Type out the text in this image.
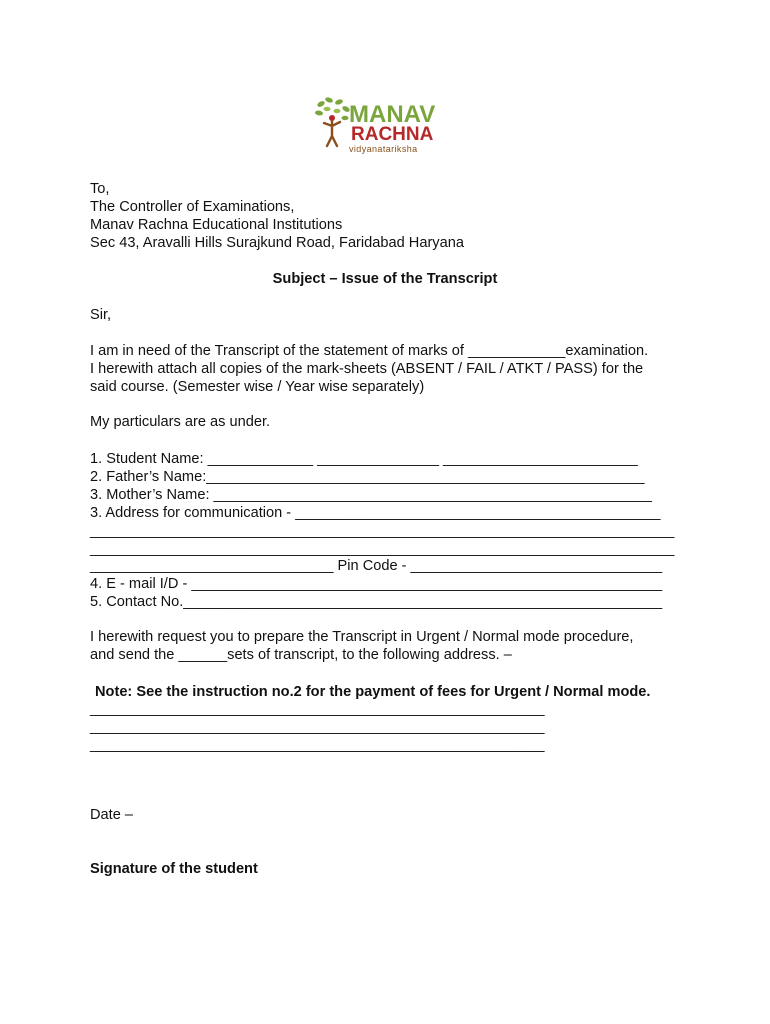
MANAV
RACHNA
vidyanatariksha
To,
The Controller of Examinations,
Manav Rachna Educational Institutions
Sec 43, Aravalli Hills Surajkund Road, Faridabad Haryana
Subject – Issue of the Transcript
Sir,
I am in need of the Transcript of the statement of marks of ____________examination.
I herewith attach all copies of the mark-sheets (ABSENT / FAIL / ATKT / PASS) for the
said course. (Semester wise / Year wise separately)
My particulars are as under.
1. Student Name: _____________ _______________ ________________________
2. Father’s Name:______________________________________________________
3. Mother’s Name: ______________________________________________________
3. Address for communication - _____________________________________________
________________________________________________________________________
________________________________________________________________________
______________________________ Pin Code - _______________________________
4. E - mail I/D - __________________________________________________________
5. Contact No.___________________________________________________________
I herewith request you to prepare the Transcript in Urgent / Normal mode procedure,
and send the ______sets of transcript, to the following address. –
Note: See the instruction no.2 for the payment of fees for Urgent / Normal mode.
________________________________________________________
________________________________________________________
________________________________________________________
Date –
Signature of the student
